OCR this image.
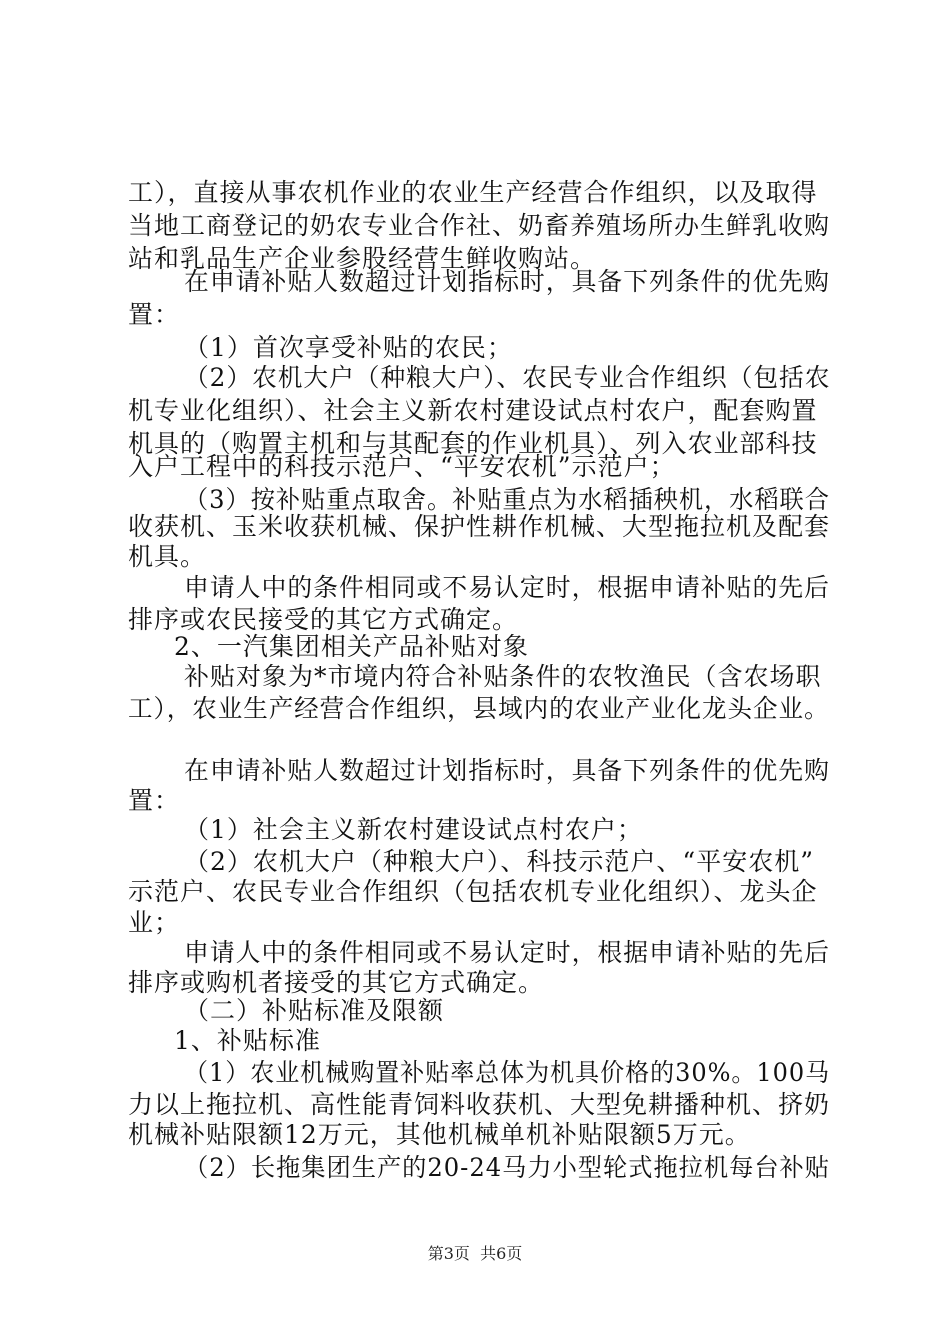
工），直接从事农机作业的农业生产经营合作组织，以及取得
当地工商登记的奶农专业合作社、奶畜养殖场所办生鲜乳收购
站和乳品生产企业参股经营生鲜收购站。
在申请补贴人数超过计划指标时，具备下列条件的优先购
置：
（1）首次享受补贴的农民；
（2）农机大户（种粮大户）、农民专业合作组织（包括农
机专业化组织）、社会主义新农村建设试点村农户，配套购置
机具的（购置主机和与其配套的作业机具）、列入农业部科技
入户工程中的科技示范户、“平安农机”示范户；
（3）按补贴重点取舍。补贴重点为水稻插秧机，水稻联合
收获机、玉米收获机械、保护性耕作机械、大型拖拉机及配套
机具。
申请人中的条件相同或不易认定时，根据申请补贴的先后
排序或农民接受的其它方式确定。
2、一汽集团相关产品补贴对象
补贴对象为*市境内符合补贴条件的农牧渔民（含农场职
工），农业生产经营合作组织，县域内的农业产业化龙头企业。
在申请补贴人数超过计划指标时，具备下列条件的优先购
置：
（1）社会主义新农村建设试点村农户；
（2）农机大户（种粮大户）、科技示范户、“平安农机”
示范户、农民专业合作组织（包括农机专业化组织）、龙头企
业；
申请人中的条件相同或不易认定时，根据申请补贴的先后
排序或购机者接受的其它方式确定。
（二）补贴标准及限额
1、补贴标准
（1）农业机械购置补贴率总体为机具价格的30%。100马
力以上拖拉机、高性能青饲料收获机、大型免耕播种机、挤奶
机械补贴限额12万元，其他机械单机补贴限额5万元。
（2）长拖集团生产的20-24马力小型轮式拖拉机每台补贴
第3页  共6页
